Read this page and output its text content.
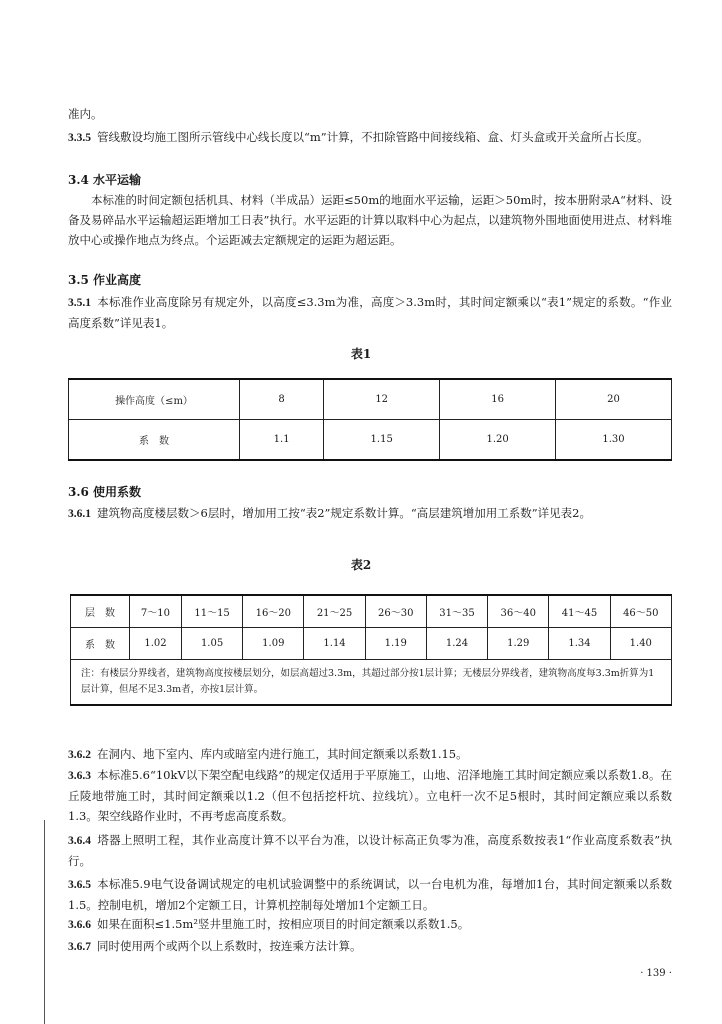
准内。

3.3.5 管线敷设均施工图所示管线中心线长度以“m”计算，不扣除管路中间接线箱、盒、灯头盒或开关盒所占长度。

3.4 水平运输

本标准的时间定额包括机具、材料（半成品）运距≤50m的地面水平运输，运距＞50m时，按本册附录A“材料、设备及易碎品水平运输超运距增加工日表”执行。水平运距的计算以取料中心为起点，以建筑物外围地面使用进点、材料堆放中心或操作地点为终点。个运距减去定额规定的运距为超运距。

3.5 作业高度

3.5.1 本标准作业高度除另有规定外，以高度≤3.3m为准，高度＞3.3m时，其时间定额乘以“表1”规定的系数。“作业高度系数”详见表1。

表1

操作高度（≤m）	8	12	16	20
系　数	1.1	1.15	1.20	1.30

3.6 使用系数

3.6.1 建筑物高度楼层数＞6层时，增加用工按“表2”规定系数计算。“高层建筑增加用工系数”详见表2。

表2

层　数	7～10	11～15	16～20	21～25	26～30	31～35	36～40	41～45	46～50
系　数	1.02	1.05	1.09	1.14	1.19	1.24	1.29	1.34	1.40
注：有楼层分界线者，建筑物高度按楼层划分，如层高超过3.3m，其超过部分按1层计算；无楼层分界线者，建筑物高度每3.3m折算为1层计算，但尾不足3.3m者，亦按1层计算。									

3.6.2 在洞内、地下室内、库内或暗室内进行施工，其时间定额乘以系数1.15。

3.6.3 本标准5.6“10kV以下架空配电线路”的规定仅适用于平原施工，山地、沼泽地施工其时间定额应乘以系数1.8。在丘陵地带施工时，其时间定额乘以1.2（但不包括挖杆坑、拉线坑）。立电杆一次不足5根时，其时间定额应乘以系数1.3。架空线路作业时，不再考虑高度系数。

3.6.4 塔器上照明工程，其作业高度计算不以平台为准，以设计标高正负零为准，高度系数按表1“作业高度系数表”执行。

3.6.5 本标准5.9电气设备调试规定的电机试验调整中的系统调试，以一台电机为准，每增加1台，其时间定额乘以系数1.5。控制电机，增加2个定额工日，计算机控制每处增加1个定额工日。

3.6.6 如果在面积≤1.5m²竖井里施工时，按相应项目的时间定额乘以系数1.5。

3.6.7 同时使用两个或两个以上系数时，按连乘方法计算。

· 139 ·
